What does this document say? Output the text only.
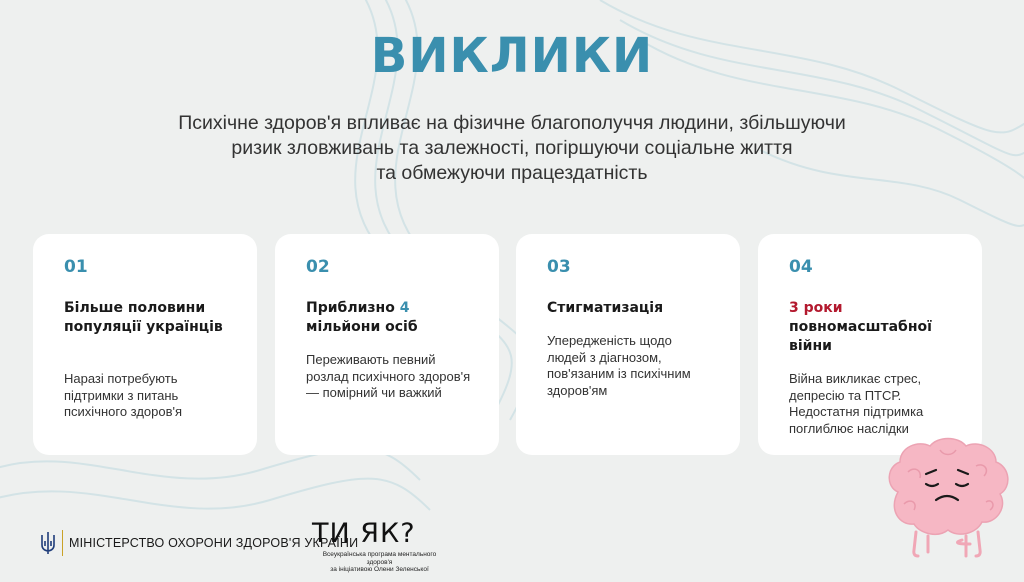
ВИКЛИКИ
Психічне здоров'я впливає на фізичне благополуччя людини, збільшуючи
ризик зловживань та залежності, погіршуючи соціальне життя
та обмежуючи працездатність
01
Більше половини популяції українців
Наразі потребують підтримки з питань психічного здоров'я
02
Приблизно 4
мільйони осіб
Переживають певний розлад психічного здоров'я — помірний чи важкий
03
Стигматизація
Упередженість щодо людей з діагнозом, пов'язаним із психічним здоров'ям
04
3 роки
повномасштабної війни
Війна викликає стрес, депресію та ПТСР. Недостатня підтримка поглиблює наслідки
МІНІСТЕРСТВО ОХОРОНИ ЗДОРОВ'Я УКРАЇНИ
ТИ ЯК?
Всеукраїнська програма ментального здоров'я
за ініціативою Олени Зеленської
